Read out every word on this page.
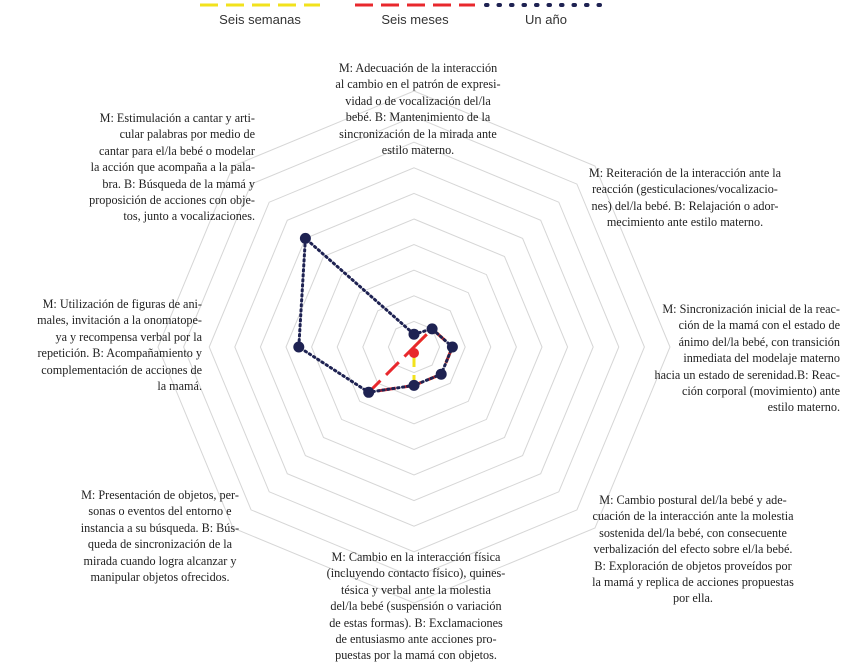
Seis semanas	Seis meses	Un año
M: Adecuación de la interacción
al cambio en el patrón de expresi-
vidad o de vocalización del/la
bebé. B: Mantenimiento de la
sincronización de la mirada ante
estilo materno.
M: Reiteración de la interacción ante la
reacción (gesticulaciones/vocalizacio-
nes) del/la bebé. B: Relajación o ador-
mecimiento ante estilo materno.
M: Sincronización inicial de la reac-
ción de la mamá con el estado de
ánimo del/la bebé, con transición
inmediata del modelaje materno
hacia un estado de serenidad.B: Reac-
ción corporal (movimiento) ante
estilo materno.
M: Cambio postural del/la bebé y ade-
cuación de la interacción ante la molestia
sostenida del/la bebé, con consecuente
verbalización del efecto sobre el/la bebé.
B: Exploración de objetos proveídos por
la mamá y replica de acciones propuestas
por ella.
M: Cambio en la interacción física
(incluyendo contacto físico), quines-
tésica y verbal ante la molestia
del/la bebé (suspensión o variación
de estas formas). B: Exclamaciones
de entusiasmo ante acciones pro-
puestas por la mamá con objetos.
M: Presentación de objetos, per-
sonas o eventos del entorno e
instancia a su búsqueda. B: Bús-
queda de sincronización de la
mirada cuando logra alcanzar y
manipular objetos ofrecidos.
M: Utilización de figuras de ani-
males, invitación a la onomatope-
ya y recompensa verbal por la
repetición. B: Acompañamiento y
complementación de acciones de
la mamá.
M: Estimulación a cantar y arti-
cular palabras por medio de
cantar para el/la bebé o modelar
la acción que acompaña a la pala-
bra. B: Búsqueda de la mamá y
proposición de acciones con obje-
tos, junto a vocalizaciones.
